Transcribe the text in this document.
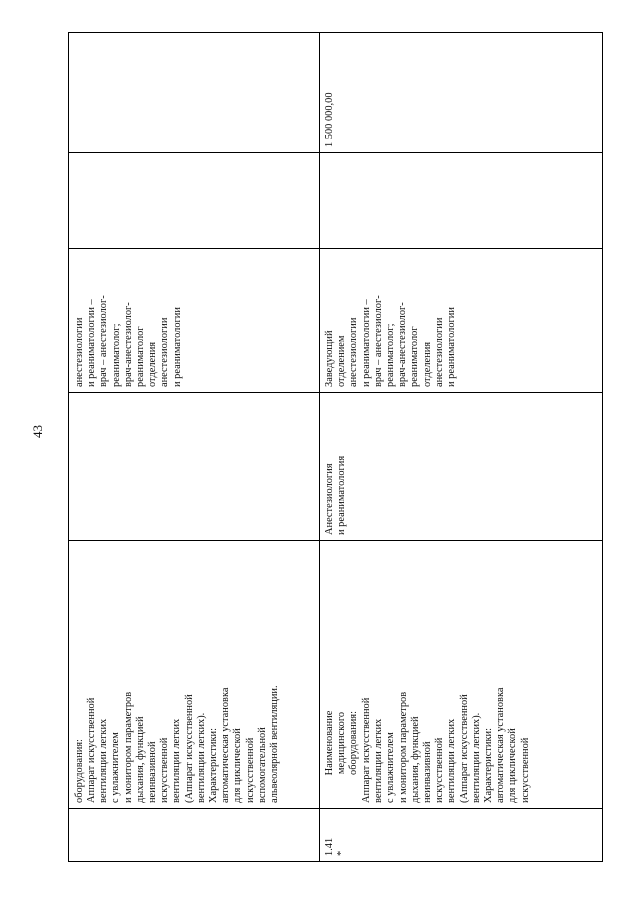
43
оборудования: Аппарат искусственной вентиляции легких с увлажнителем и монитором параметров дыхания, функцией неинвазивной искусственной вентиляции легких (Аппарат искусственной вентиляции легких). Характеристики: автоматическая установка для циклической искусственной вспомогательной альвеолярной вентиляции.
анестезиологии и реаниматологии – врач – анестезиолог- реаниматолог; врач-анестезиолог- реаниматолог отделения анестезиологии и реаниматологии
1.41 *
Наименование медицинского оборудования: Аппарат искусственной вентиляции легких с увлажнителем и монитором параметров дыхания, функцией неинвазивной искусственной вентиляции легких (Аппарат искусственной вентиляции легких). Характеристики: автоматическая установка для циклической искусственной
Анестезиология и реаниматология
Заведующий отделением анестезиологии и реаниматологии – врач – анестезиолог- реаниматолог; врач-анестезиолог- реаниматолог отделения анестезиологии и реаниматологии
1 500 000,00
